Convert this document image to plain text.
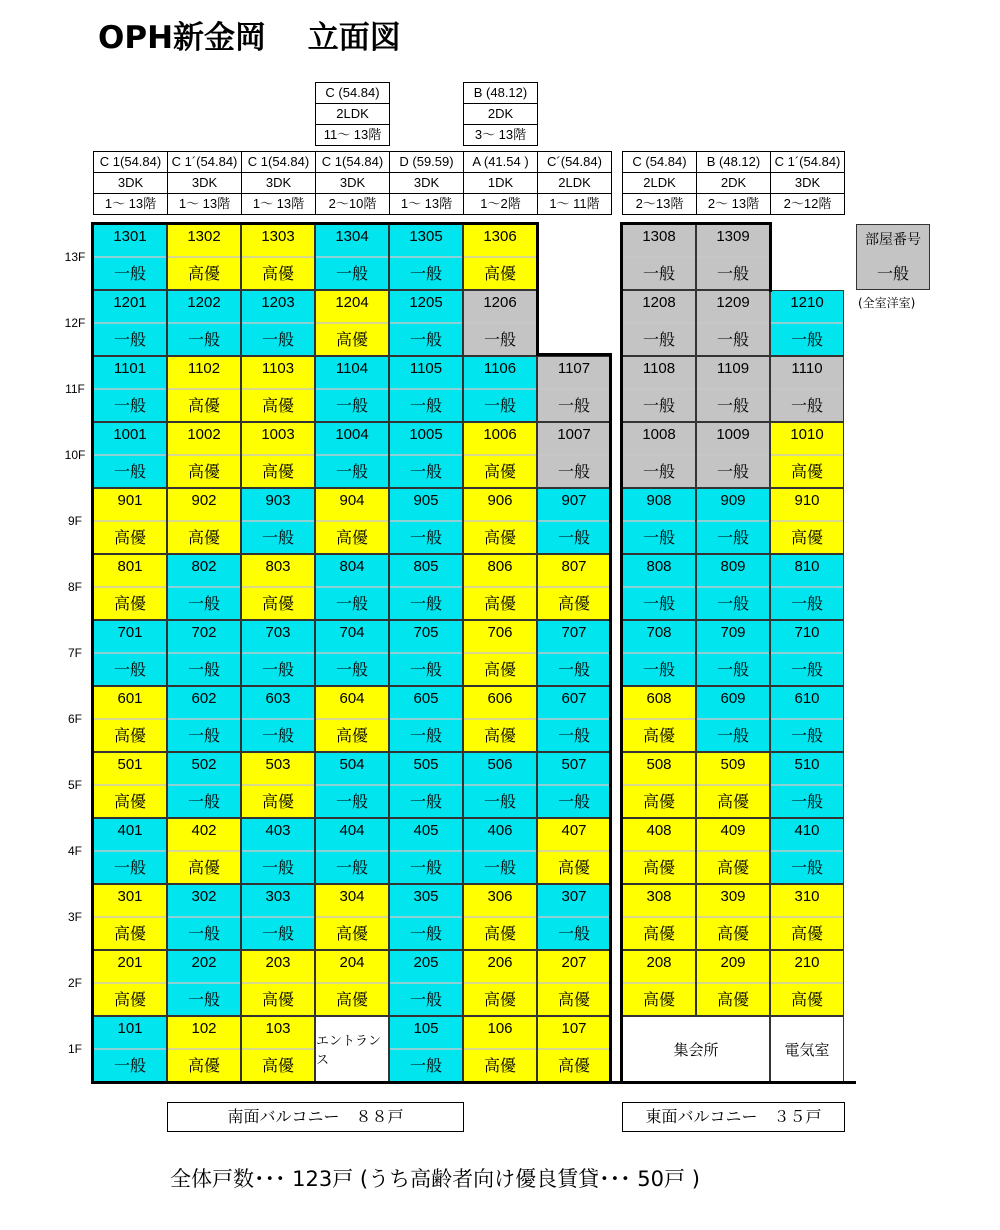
OPH新金岡　 立面図
C (54.84)
2LDK
11～ 13階
B (48.12)
2DK
3～ 13階
C 1(54.84)
3DK
1～ 13階
C 1´(54.84)
3DK
1～ 13階
C 1(54.84)
3DK
1～ 13階
C 1(54.84)
3DK
2～10階
D (59.59)
3DK
1～ 13階
A (41.54 )
1DK
1～2階
C´(54.84)
2LDK
1～ 11階
C (54.84)
2LDK
2～13階
B (48.12)
2DK
2～ 13階
C 1´(54.84)
3DK
2～12階
1301
一般
1302
高優
1303
高優
1304
一般
1305
一般
1306
高優
1308
一般
1309
一般
1201
一般
1202
一般
1203
一般
1204
高優
1205
一般
1206
一般
1208
一般
1209
一般
1210
一般
1101
一般
1102
高優
1103
高優
1104
一般
1105
一般
1106
一般
1107
一般
1108
一般
1109
一般
1110
一般
1001
一般
1002
高優
1003
高優
1004
一般
1005
一般
1006
高優
1007
一般
1008
一般
1009
一般
1010
高優
901
高優
902
高優
903
一般
904
高優
905
一般
906
高優
907
一般
908
一般
909
一般
910
高優
801
高優
802
一般
803
高優
804
一般
805
一般
806
高優
807
高優
808
一般
809
一般
810
一般
701
一般
702
一般
703
一般
704
一般
705
一般
706
高優
707
一般
708
一般
709
一般
710
一般
601
高優
602
一般
603
一般
604
高優
605
一般
606
高優
607
一般
608
高優
609
一般
610
一般
501
高優
502
一般
503
高優
504
一般
505
一般
506
一般
507
一般
508
高優
509
高優
510
一般
401
一般
402
高優
403
一般
404
一般
405
一般
406
一般
407
高優
408
高優
409
高優
410
一般
301
高優
302
一般
303
一般
304
高優
305
一般
306
高優
307
一般
308
高優
309
高優
310
高優
201
高優
202
一般
203
高優
204
高優
205
一般
206
高優
207
高優
208
高優
209
高優
210
高優
101
一般
102
高優
103
高優
105
一般
106
高優
107
高優
エントランス
集会所	電気室
部屋番号
一般
(全室洋室)
南面バルコニー　８８戸	東面バルコニー　３５戸
全体戸数･･･ 123戸 (うち高齢者向け優良賃貸･･･ 50戸 )
13F
12F
11F
10F
9F
8F
7F
6F
5F
4F
3F
2F
1F
